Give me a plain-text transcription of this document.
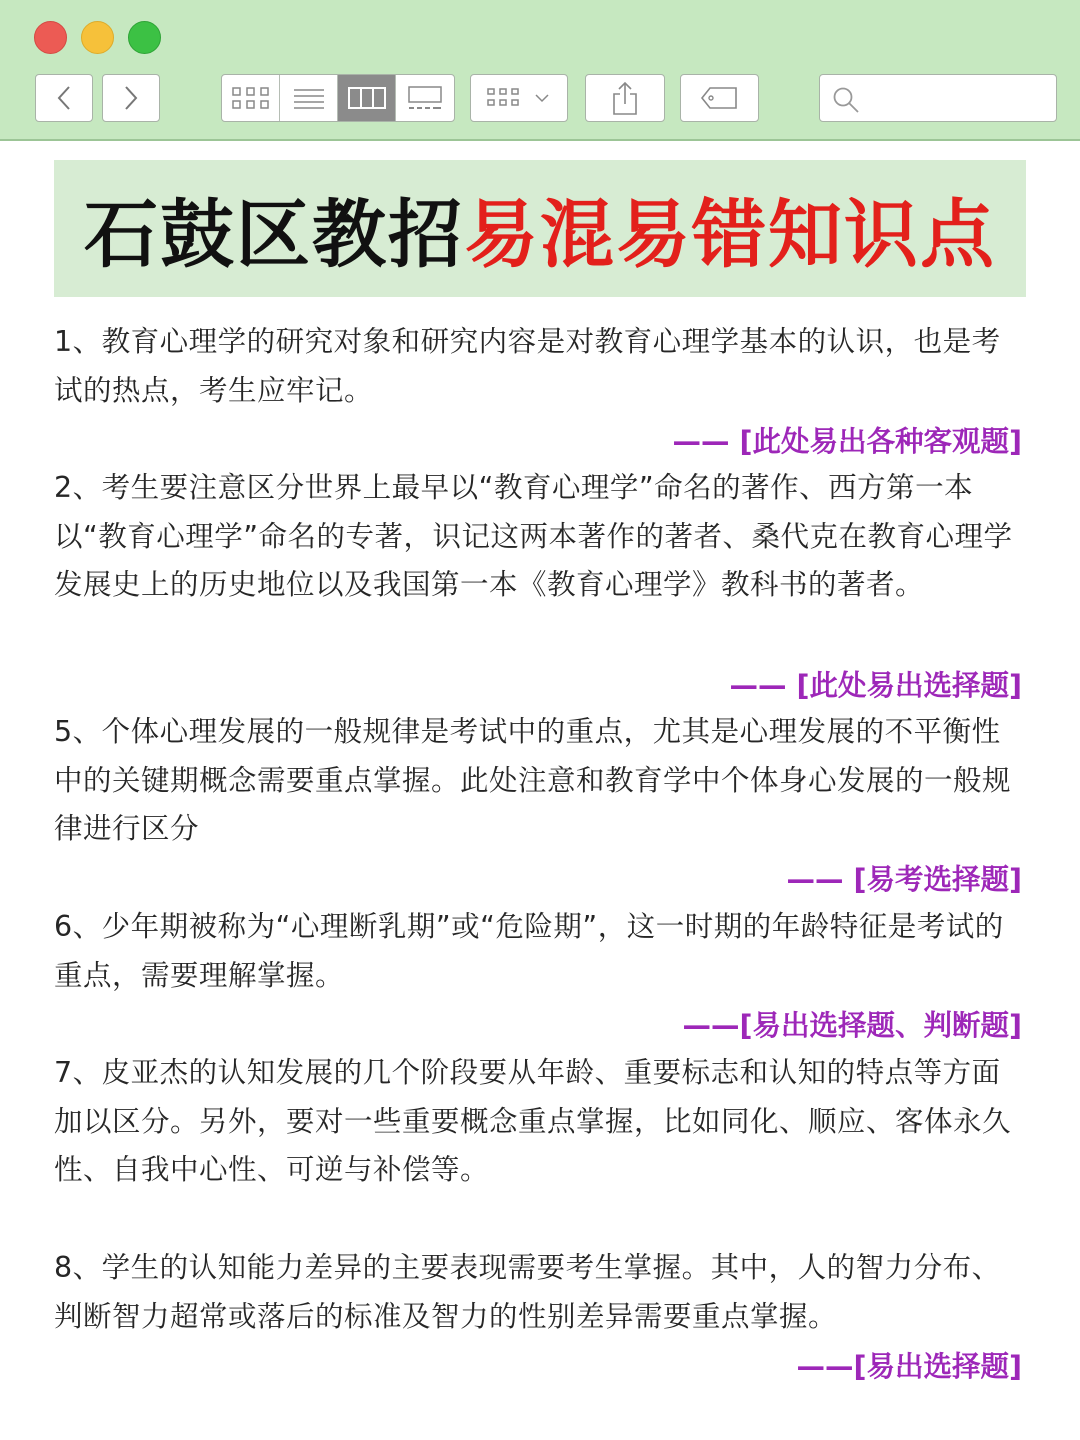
石鼓区教招 易混易错知识点
1、教育心理学的研究对象和研究内容是对教育心理学基本的认识，也是考试的热点，考生应牢记。
—— [此处易出各种客观题]
2、考生要注意区分世界上最早以“教育心理学”命名的著作、西方第一本以“教育心理学”命名的专著，识记这两本著作的著者、桑代克在教育心理学发展史上的历史地位以及我国第一本《教育心理学》教科书的著者。
—— [此处易出选择题]
5、个体心理发展的一般规律是考试中的重点，尤其是心理发展的不平衡性中的关键期概念需要重点掌握。此处注意和教育学中个体身心发展的一般规律进行区分
—— [易考选择题]
6、少年期被称为“心理断乳期”或“危险期”，这一时期的年龄特征是考试的重点，需要理解掌握。
——[易出选择题、判断题]
7、皮亚杰的认知发展的几个阶段要从年龄、重要标志和认知的特点等方面加以区分。另外，要对一些重要概念重点掌握，比如同化、顺应、客体永久性、自我中心性、可逆与补偿等。
8、学生的认知能力差异的主要表现需要考生掌握。其中，人的智力分布、判断智力超常或落后的标准及智力的性别差异需要重点掌握。
——[易出选择题]
